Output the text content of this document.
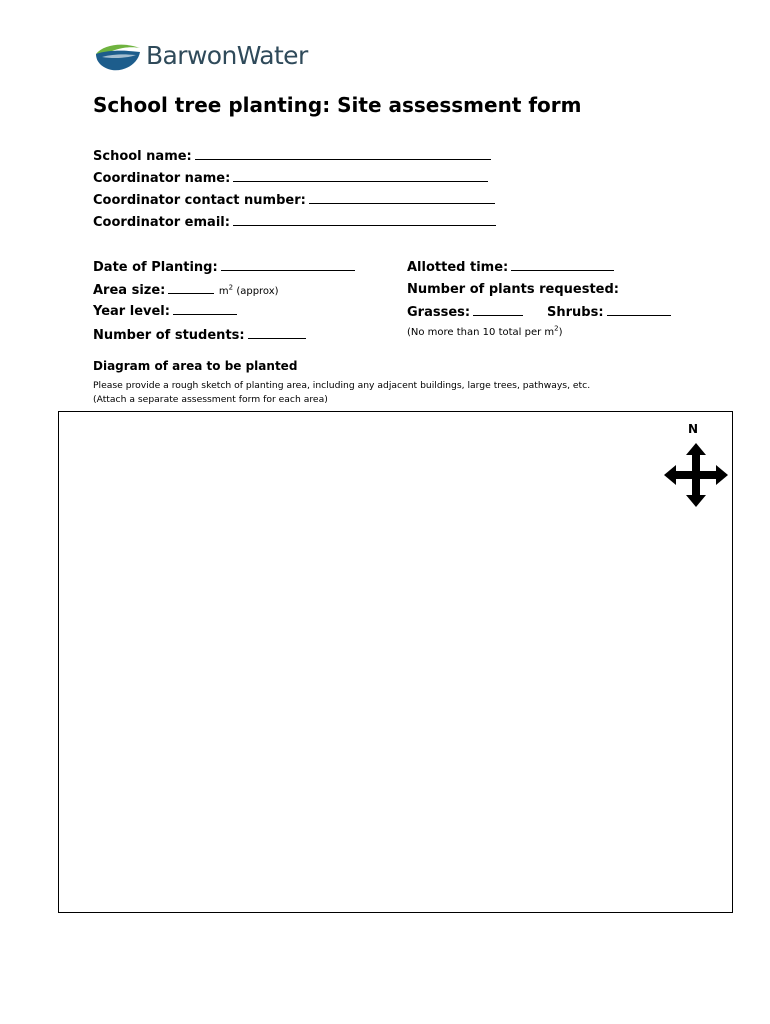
BarwonWater
School tree planting: Site assessment form
School name:
Coordinator name:
Coordinator contact number:
Coordinator email:
Date of Planting:
Area size:	$m^2$ (approx)
Year level:
Number of students:
Allotted time:
Number of plants requested:
Grasses:	Shrubs:
(No more than 10 total per $m^2$)
Diagram of area to be planted
Please provide a rough sketch of planting area, including any adjacent buildings, large trees, pathways, etc.
(Attach a separate assessment form for each area)
N
